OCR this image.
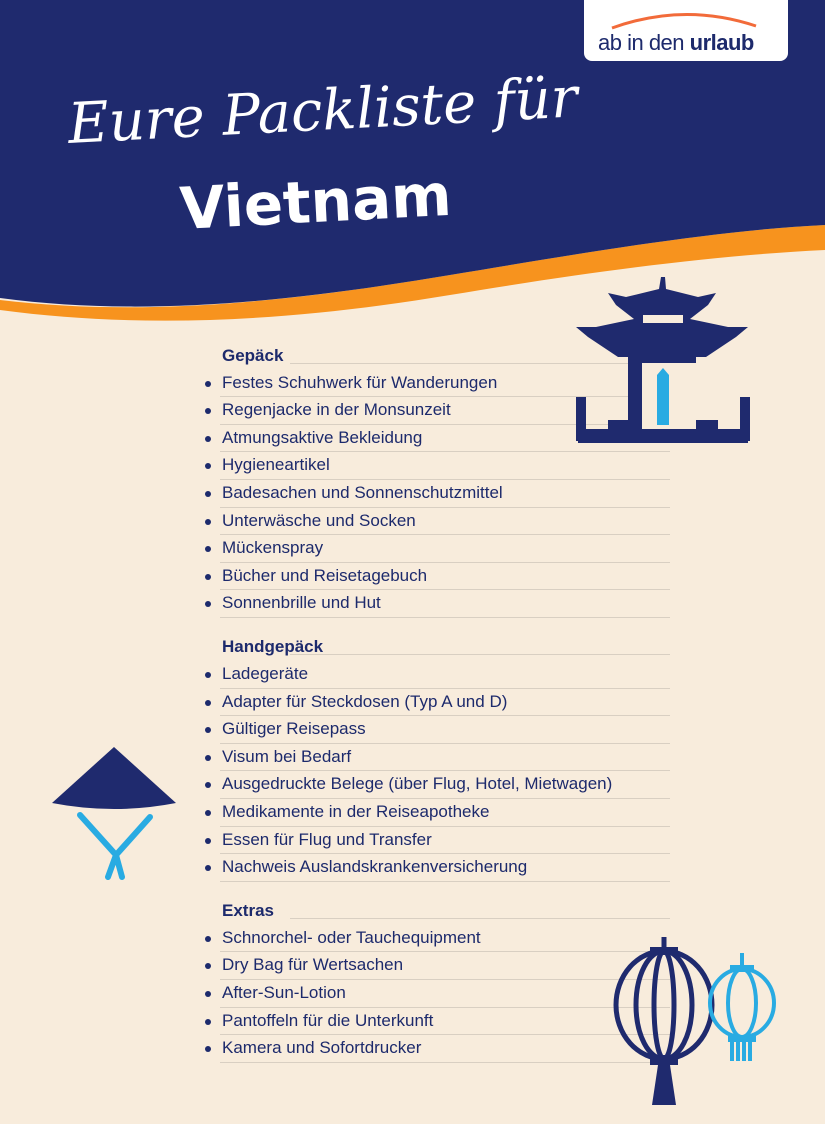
ab in den urlaub
Eure Packliste für
Vietnam
Gepäck
Festes Schuhwerk für Wanderungen
Regenjacke in der Monsunzeit
Atmungsaktive Bekleidung
Hygieneartikel
Badesachen und Sonnenschutzmittel
Unterwäsche und Socken
Mückenspray
Bücher und Reisetagebuch
Sonnenbrille und Hut
Handgepäck
Ladegeräte
Adapter für Steckdosen (Typ A und D)
Gültiger Reisepass
Visum bei Bedarf
Ausgedruckte Belege (über Flug, Hotel, Mietwagen)
Medikamente in der Reiseapotheke
Essen für Flug und Transfer
Nachweis Auslandskrankenversicherung
Extras
Schnorchel- oder Tauchequipment
Dry Bag für Wertsachen
After-Sun-Lotion
Pantoffeln für die Unterkunft
Kamera und Sofortdrucker
